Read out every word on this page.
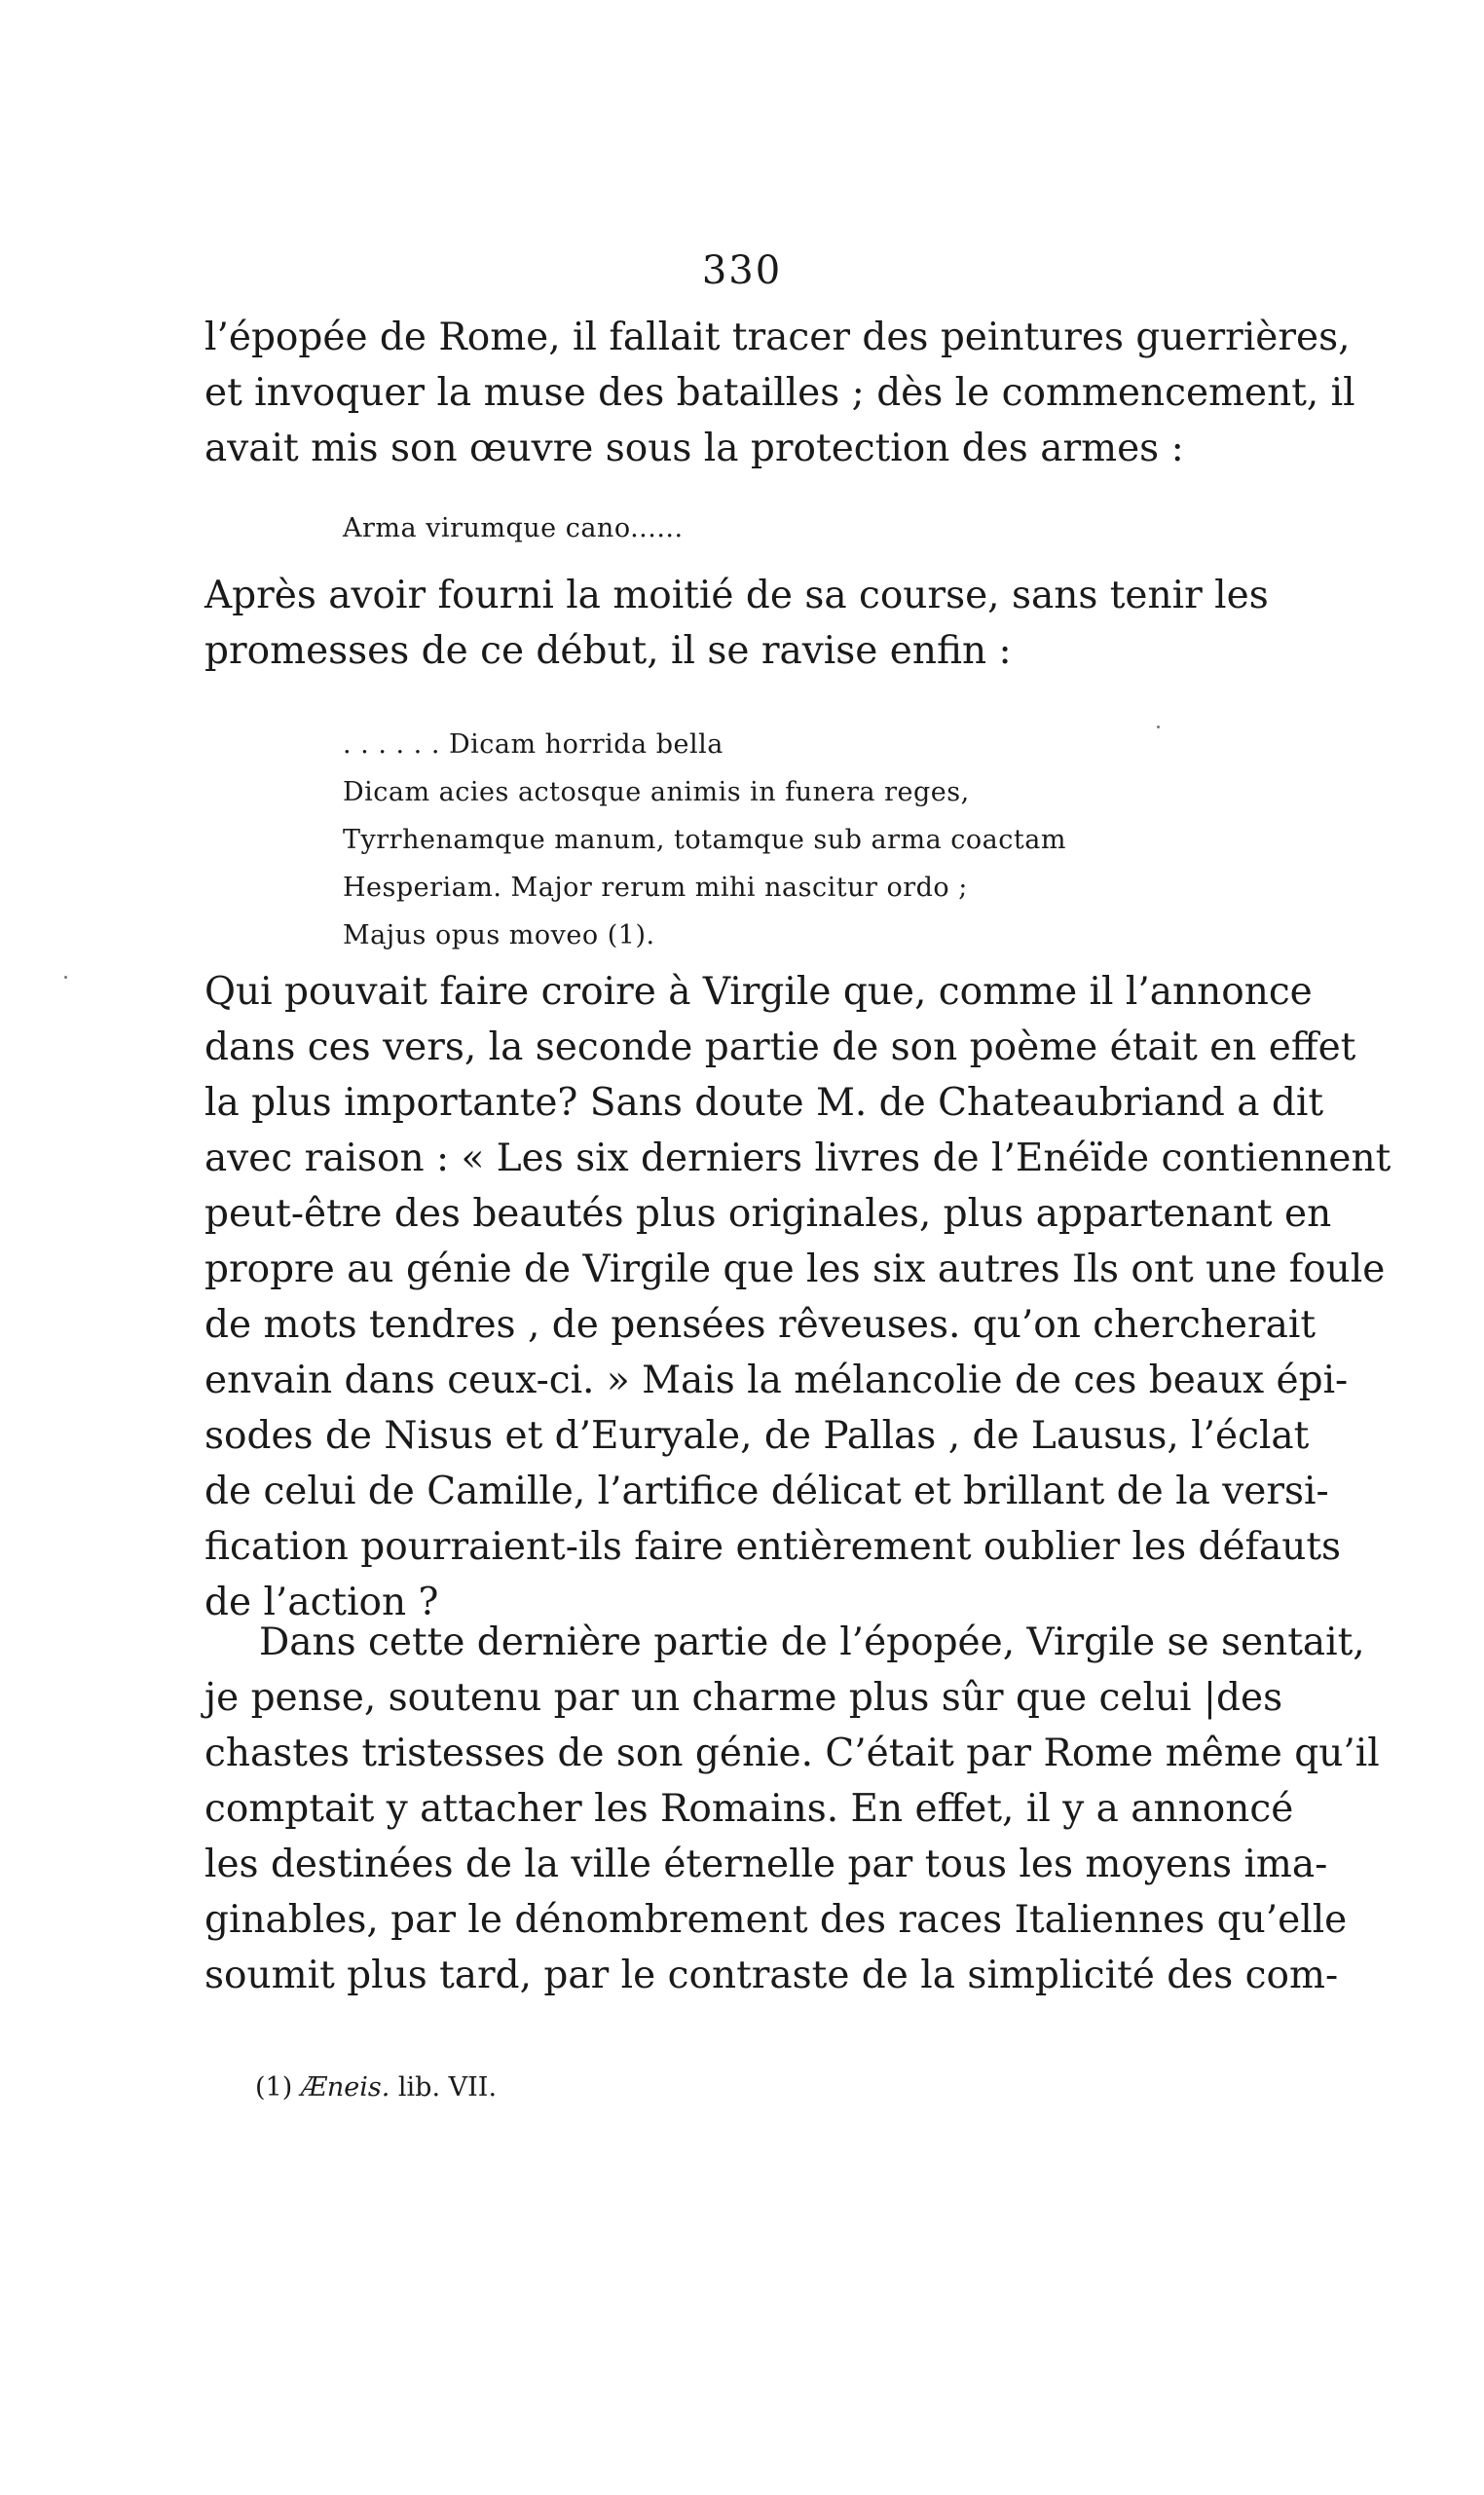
330
l’épopée de Rome, il fallait tracer des peintures guerrières,
et invoquer la muse des batailles ; dès le commencement, il
avait mis son œuvre sous la protection des armes :
Arma virumque cano......
Après avoir fourni la moitié de sa course, sans tenir les
promesses de ce début, il se ravise enfin :
. . . . . . Dicam horrida bella
Dicam acies actosque animis in funera reges,
Tyrrhenamque manum, totamque sub arma coactam
Hesperiam. Major rerum mihi nascitur ordo ;
Majus opus moveo (1).
Qui pouvait faire croire à Virgile que, comme il l’annonce
dans ces vers, la seconde partie de son poème était en effet
la plus importante? Sans doute M. de Chateaubriand a dit
avec raison : « Les six derniers livres de l’Enéïde contiennent
peut-être des beautés plus originales, plus appartenant en
propre au génie de Virgile que les six autres Ils ont une foule
de mots tendres , de pensées rêveuses. qu’on chercherait
envain dans ceux-ci. » Mais la mélancolie de ces beaux épi-
sodes de Nisus et d’Euryale, de Pallas , de Lausus, l’éclat
de celui de Camille, l’artifice délicat et brillant de la versi-
fication pourraient-ils faire entièrement oublier les défauts
de l’action ?
Dans cette dernière partie de l’épopée, Virgile se sentait,
je pense, soutenu par un charme plus sûr que celui |des
chastes tristesses de son génie. C’était par Rome même qu’il
comptait y attacher les Romains. En effet, il y a annoncé
les destinées de la ville éternelle par tous les moyens ima-
ginables, par le dénombrement des races Italiennes qu’elle
soumit plus tard, par le contraste de la simplicité des com-
(1) Æneis. lib. VII.
